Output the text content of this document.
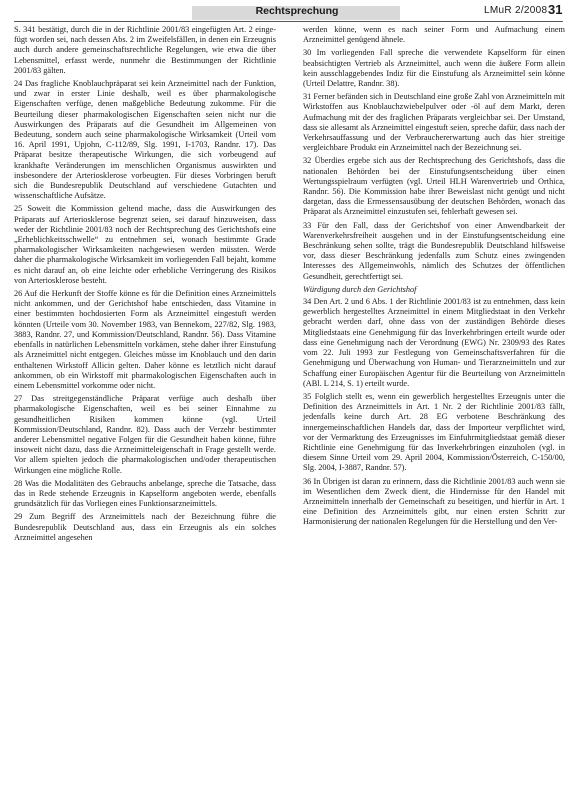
Rechtsprechung	LMuR 2/2008 31

S. 341 bestätigt, durch die in der Richtlinie 2001/83 eingefügten Art. 2 eingefügt worden sei, nach dessen Abs. 2 im Zweifelsfällen, in denen ein Erzeugnis auch durch andere gemeinschaftsrechtliche Regelungen, wie etwa die über Lebensmittel, erfasst werde, nunmehr die Bestimmungen der Richtlinie 2001/83 gälten.

24 Das fragliche Knoblauchpräparat sei kein Arzneimittel nach der Funktion, und zwar in erster Linie deshalb, weil es über pharmakologische Eigenschaften verfüge, denen maßgebliche Bedeutung zukomme. Für die Beurteilung dieser pharmakologischen Eigenschaften seien nicht nur die Auswirkungen des Präparats auf die Gesundheit im Allgemeinen von Bedeutung, sondern auch seine pharmakologische Wirksamkeit (Urteil vom 16. April 1991, Upjohn, C-112/89, Slg. 1991, I-1703, Randnr. 17). Das Präparat besitze therapeutische Wirkungen, die sich vorbeugend auf krankhafte Veränderungen im menschlichen Organismus auswirkten und insbesondere der Arteriosklerose vorbeugten. Für dieses Vorbringen beruft sich die Bundesrepublik Deutschland auf verschiedene Gutachten und wissenschaftliche Aufsätze.

25 Soweit die Kommission geltend mache, dass die Auswirkungen des Präparats auf Arteriosklerose begrenzt seien, sei darauf hinzuweisen, dass weder der Richtlinie 2001/83 noch der Rechtsprechung des Gerichtshofs eine „Erheblichkeitsschwelle“ zu entnehmen sei, wonach bestimmte Grade pharmakologischer Wirksamkeiten nachgewiesen werden müssten. Werde daher die pharmakologische Wirksamkeit im vorliegenden Fall bejaht, komme es nicht darauf an, ob eine leichte oder erhebliche Verringerung des Risikos von Arteriosklerose besteht.

26 Auf die Herkunft der Stoffe könne es für die Definition eines Arzneimittels nicht ankommen, und der Gerichtshof habe entschieden, dass Vitamine in einer bestimmten hochdosierten Form als Arzneimittel eingestuft werden könnten (Urteile vom 30. November 1983, van Bennekom, 227/82, Slg. 1983, 3883, Randnr. 27, und Kommission/Deutschland, Randnr. 56). Dass Vitamine ebenfalls in natürlichen Lebensmitteln vorkämen, stehe daher ihrer Einstufung als Arzneimittel nicht entgegen. Gleiches müsse im Knoblauch und den darin enthaltenen Wirkstoff Allicin gelten. Daher könne es letztlich nicht darauf ankommen, ob ein Wirkstoff mit pharmakologischen Eigenschaften auch in einem Lebensmittel vorkomme oder nicht.

27 Das streitgegenständliche Präparat verfüge auch deshalb über pharmakologische Eigenschaften, weil es bei seiner Einnahme zu gesundheitlichen Risiken kommen könne (vgl. Urteil Kommission/Deutschland, Randnr. 82). Dass auch der Verzehr bestimmter anderer Lebensmittel negative Folgen für die Gesundheit haben könne, führe insoweit nicht dazu, dass die Arzneimitteleigenschaft in Frage gestellt werde. Vor allem spielten jedoch die pharmakologischen und/oder therapeutischen Wirkungen eine mögliche Rolle.

28 Was die Modalitäten des Gebrauchs anbelange, spreche die Tatsache, dass das in Rede stehende Erzeugnis in Kapselform angeboten werde, ebenfalls grundsätzlich für das Vorliegen eines Funktionsarzneimittels.

29 Zum Begriff des Arzneimittels nach der Bezeichnung führe die Bundesrepublik Deutschland aus, dass ein Erzeugnis als ein solches Arzneimittel angesehen

werden könne, wenn es nach seiner Form und Aufmachung einem Arzneimittel genügend ähnele.

30 Im vorliegenden Fall spreche die verwendete Kapselform für einen beabsichtigten Vertrieb als Arzneimittel, auch wenn die äußere Form allein kein ausschlaggebendes Indiz für die Einstufung als Arzneimittel sein könne (Urteil Delattre, Randnr. 38).

31 Ferner befänden sich in Deutschland eine große Zahl von Arzneimitteln mit Wirkstoffen aus Knoblauchzwiebelpulver oder -öl auf dem Markt, deren Aufmachung mit der des fraglichen Präparats vergleichbar sei. Der Umstand, dass sie allesamt als Arzneimittel eingestuft seien, spreche dafür, dass nach der Verkehrsauffassung und der Verbrauchererwartung auch das hier streitige vergleichbare Produkt ein Arzneimittel nach der Bezeichnung sei.

32 Überdies ergebe sich aus der Rechtsprechung des Gerichtshofs, dass die nationalen Behörden bei der Einstufungsentscheidung über einen Wertungsspielraum verfügten (vgl. Urteil HLH Warenvertrieb und Orthica, Randnr. 56). Die Kommission habe ihrer Beweislast nicht genügt und nicht dargetan, dass die Ermessensausübung der deutschen Behörden, wonach das Präparat als Arzneimittel einzustufen sei, fehlerhaft gewesen sei.

33 Für den Fall, dass der Gerichtshof von einer Anwendbarkeit der Warenverkehrsfreiheit ausgehen und in der Einstufungsentscheidung eine Beschränkung sehen sollte, trägt die Bundesrepublik Deutschland hilfsweise vor, dass dieser Beschränkung jedenfalls zum Schutz eines zwingenden Interesses des Allgemeinwohls, nämlich des Schutzes der öffentlichen Gesundheit, gerechtfertigt sei.

Würdigung durch den Gerichtshof

34 Den Art. 2 und 6 Abs. 1 der Richtlinie 2001/83 ist zu entnehmen, dass kein gewerblich hergestelltes Arzneimittel in einem Mitgliedstaat in den Verkehr gebracht werden darf, ohne dass von der zuständigen Behörde dieses Mitgliedstaats eine Genehmigung für das Inverkehrbringen erteilt wurde oder dass eine Genehmigung nach der Verordnung (EWG) Nr. 2309/93 des Rates vom 22. Juli 1993 zur Festlegung von Gemeinschaftsverfahren für die Genehmigung und Überwachung von Human- und Tierarzneimitteln und zur Schaffung einer Europäischen Agentur für die Beurteilung von Arzneimitteln (ABl. L 214, S. 1) erteilt wurde.

35 Folglich stellt es, wenn ein gewerblich hergestelltes Erzeugnis unter die Definition des Arzneimittels in Art. 1 Nr. 2 der Richtlinie 2001/83 fällt, jedenfalls keine durch Art. 28 EG verbotene Beschränkung des innergemeinschaftlichen Handels dar, dass der Importeur verpflichtet wird, vor der Vermarktung des Erzeugnisses im Einfuhrmitgliedstaat gemäß dieser Richtlinie eine Genehmigung für das Inverkehrbringen einzuholen (vgl. in diesem Sinne Urteil vom 29. April 2004, Kommission/Österreich, C-150/00, Slg. 2004, I-3887, Randnr. 57).

36 In Übrigen ist daran zu erinnern, dass die Richtlinie 2001/83 auch wenn sie im Wesentlichen dem Zweck dient, die Hindernisse für den Handel mit Arzneimitteln innerhalb der Gemeinschaft zu beseitigen, und hierfür in Art. 1 eine Definition des Arzneimittels gibt, nur einen ersten Schritt zur Harmonisierung der nationalen Regelungen für die Herstellung und den Ver-
